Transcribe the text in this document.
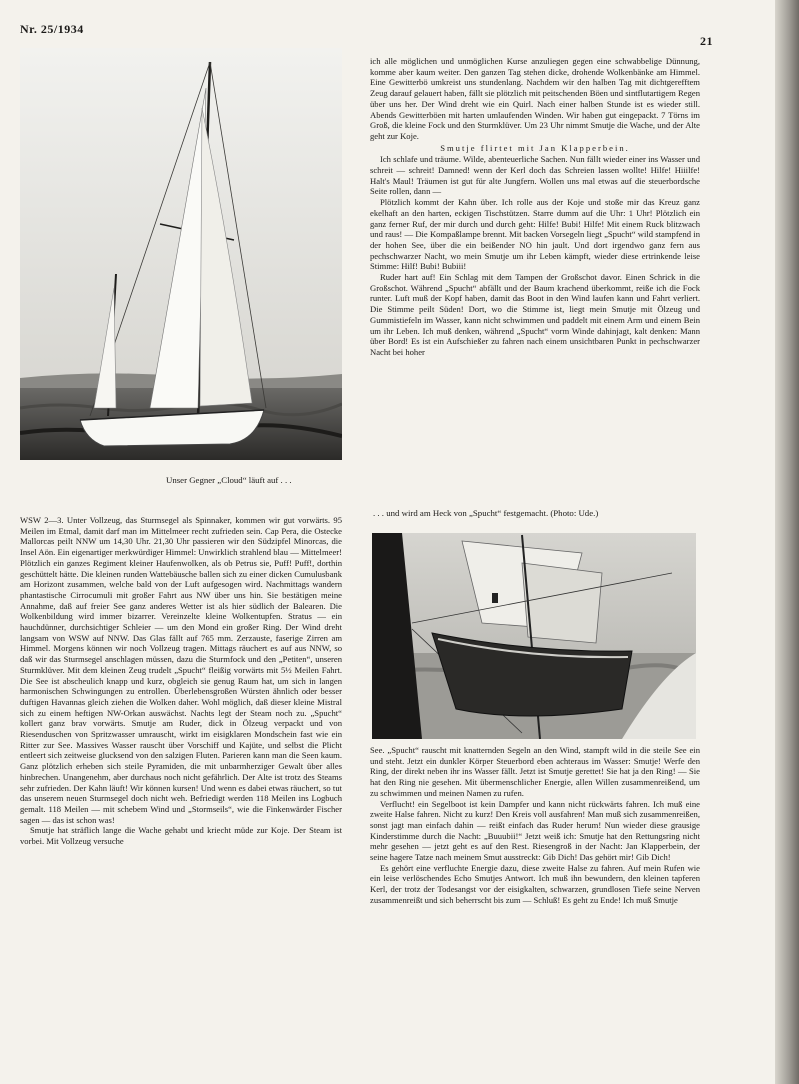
Nr. 25/1934
21
Unser Gegner „Cloud“ läuft auf . . .

ich alle möglichen und unmöglichen Kurse anzuliegen gegen eine schwabbelige Dünnung, komme aber kaum weiter. Den ganzen Tag stehen dicke, drohende Wolkenbänke am Himmel. Eine Gewitterbö umkreist uns stundenlang. Nachdem wir den halben Tag mit dichtgerefftem Zeug darauf gelauert haben, fällt sie plötzlich mit peitschenden Böen und sintflutartigem Regen über uns her. Der Wind dreht wie ein Quirl. Nach einer halben Stunde ist es wieder still. Abends Gewitterböen mit harten umlaufenden Winden. Wir haben gut eingepackt. 7 Törns im Groß, die kleine Fock und den Sturmklüver. Um 23 Uhr nimmt Smutje die Wache, und der Alte geht zur Koje.

Smutje flirtet mit Jan Klapperbein.

Ich schlafe und träume. Wilde, abenteuerliche Sachen. Nun fällt wieder einer ins Wasser und schreit — schreit! Damned! wenn der Kerl doch das Schreien lassen wollte! Hilfe! Hiiilfe! Halt's Maul! Träumen ist gut für alte Jungfern. Wollen uns mal etwas auf die steuerbordsche Seite rollen, dann —

Plötzlich kommt der Kahn über. Ich rolle aus der Koje und stoße mir das Kreuz ganz ekelhaft an den harten, eckigen Tischstützen. Starre dumm auf die Uhr: 1 Uhr! Plötzlich ein ganz ferner Ruf, der mir durch und durch geht: Hilfe! Bubi! Hilfe! Mit einem Ruck blitzwach und raus! — Die Kompaßlampe brennt. Mit backen Vorsegeln liegt „Spucht“ wild stampfend in der hohen See, über die ein beißender NO hin jault. Und dort irgendwo ganz fern aus pechschwarzer Nacht, wo mein Smutje um ihr Leben kämpft, wieder diese ertrinkende leise Stimme: Hilf! Bubi! Bubiii!

Ruder hart auf! Ein Schlag mit dem Tampen der Großschot davor. Einen Schrick in die Großschot. Während „Spucht“ abfällt und der Baum krachend überkommt, reiße ich die Fock runter. Luft muß der Kopf haben, damit das Boot in den Wind laufen kann und Fahrt verliert. Die Stimme peilt Süden! Dort, wo die Stimme ist, liegt mein Smutje mit Ölzeug und Gummistiefeln im Wasser, kann nicht schwimmen und paddelt mit einem Arm und einem Bein um ihr Leben. Ich muß denken, während „Spucht“ vorm Winde dahinjagt, kalt denken: Mann über Bord! Es ist ein Aufschießer zu fahren nach einem unsichtbaren Punkt in pechschwarzer Nacht bei hoher

. . . und wird am Heck von „Spucht“ festgemacht. (Photo: Ude.)

WSW 2—3. Unter Vollzeug, das Sturmsegel als Spinnaker, kommen wir gut vorwärts. 95 Meilen im Etmal, damit darf man im Mittelmeer recht zufrieden sein. Cap Pera, die Ostecke Mallorcas peilt NNW um 14,30 Uhr. 21,30 Uhr passieren wir den Südzipfel Minorcas, die Insel Aön. Ein eigenartiger merkwürdiger Himmel: Unwirklich strahlend blau — Mittelmeer! Plötzlich ein ganzes Regiment kleiner Haufenwolken, als ob Petrus sie, Puff! Puff!, dorthin geschüttelt hätte. Die kleinen runden Wattebäusche ballen sich zu einer dicken Cumulusbank am Horizont zusammen, welche bald von der Luft aufgesogen wird. Nachmittags wandern phantastische Cirrocumuli mit großer Fahrt aus NW über uns hin. Sie bestätigen meine Annahme, daß auf freier See ganz anderes Wetter ist als hier südlich der Balearen. Die Wolkenbildung wird immer bizarrer. Vereinzelte kleine Wolkentupfen. Stratus — ein hauchdünner, durchsichtiger Schleier — um den Mond ein großer Ring. Der Wind dreht langsam von WSW auf NNW. Das Glas fällt auf 765 mm. Zerzauste, faserige Zirren am Himmel. Morgens können wir noch Vollzeug tragen. Mittags räuchert es auf aus NNW, so daß wir das Sturmsegel anschlagen müssen, dazu die Sturmfock und den „Petiten“, unseren Sturmklüver. Mit dem kleinen Zeug trudelt „Spucht“ fleißig vorwärts mit 5½ Meilen Fahrt. Die See ist abscheulich knapp und kurz, obgleich sie genug Raum hat, um sich in langen harmonischen Schwingungen zu entrollen. Überlebensgroßen Würsten ähnlich oder besser duftigen Havannas gleich ziehen die Wolken daher. Wohl möglich, daß dieser kleine Mistral sich zu einem heftigen NW-Orkan auswächst. Nachts legt der Steam noch zu. „Spucht“ kollert ganz brav vorwärts. Smutje am Ruder, dick in Ölzeug verpackt und von Riesenduschen von Spritzwasser umrauscht, wirkt im eisigklaren Mondschein fast wie ein Ritter zur See. Massives Wasser rauscht über Vorschiff und Kajüte, und selbst die Plicht entleert sich zeitweise glucksend von den salzigen Fluten. Parieren kann man die Seen kaum. Ganz plötzlich erheben sich steile Pyramiden, die mit unbarmherziger Gewalt über alles hinbrechen. Unangenehm, aber durchaus noch nicht gefährlich. Der Alte ist trotz des Steams sehr zufrieden. Der Kahn läuft! Wir können kursen! Und wenn es dabei etwas räuchert, so tut das unserem neuen Sturmsegel doch nicht weh. Befriedigt werden 118 Meilen ins Logbuch gemalt. 118 Meilen — mit schebem Wind und „Stormseils“, wie die Finkenwärder Fischer sagen — das ist schon was!

Smutje hat sträflich lange die Wache gehabt und kriecht müde zur Koje. Der Steam ist vorbei. Mit Vollzeug versuche

See. „Spucht“ rauscht mit knatternden Segeln an den Wind, stampft wild in die steile See ein und steht. Jetzt ein dunkler Körper Steuerbord eben achteraus im Wasser: Smutje! Werfe den Ring, der direkt neben ihr ins Wasser fällt. Jetzt ist Smutje gerettet! Sie hat ja den Ring! — Sie hat den Ring nie gesehen. Mit übermenschlicher Energie, allen Willen zusammenreißend, um zu schwimmen und meinen Namen zu rufen.

Verflucht! ein Segelboot ist kein Dampfer und kann nicht rückwärts fahren. Ich muß eine zweite Halse fahren. Nicht zu kurz! Den Kreis voll ausfahren! Man muß sich zusammenreißen, sonst jagt man einfach dahin — reißt einfach das Ruder herum! Nun wieder diese grausige Kinderstimme durch die Nacht: „Buuubii!“ Jetzt weiß ich: Smutje hat den Rettungsring nicht mehr gesehen — jetzt geht es auf den Rest. Riesengroß in der Nacht: Jan Klapperbein, der seine hagere Tatze nach meinem Smut ausstreckt: Gib Dich! Das gehört mir! Gib Dich!

Es gehört eine verfluchte Energie dazu, diese zweite Halse zu fahren. Auf mein Rufen wie ein leise verlöschendes Echo Smutjes Antwort. Ich muß ihn bewundern, den kleinen tapferen Kerl, der trotz der Todesangst vor der eisigkalten, schwarzen, grundlosen Tiefe seine Nerven zusammenreißt und sich beherrscht bis zum — Schluß! Es geht zu Ende! Ich muß Smutje
